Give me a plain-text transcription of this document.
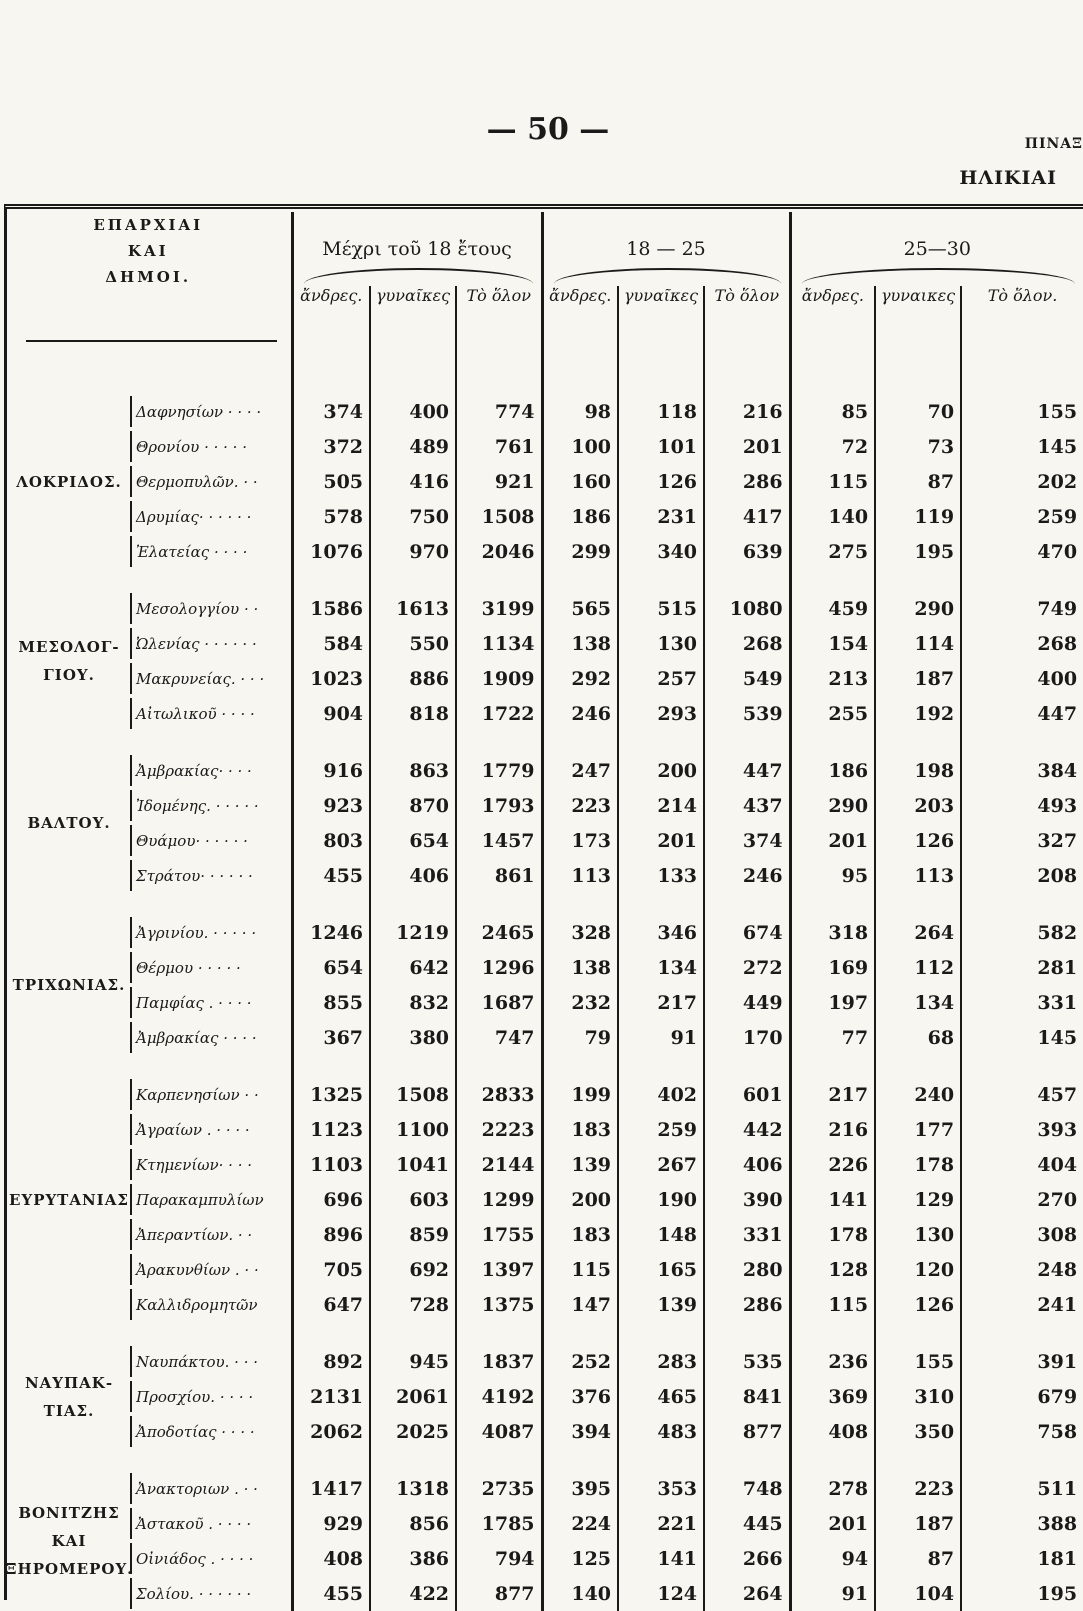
— 50 —	ΠΙΝΑΞ
ΗΛΙΚΙΑΙ
ΕΠΑΡΧΙΑΙ
ΚΑΙ
ΔΗΜΟΙ.		Μέχρι τοῦ 18 ἔτους			18 — 25			25—30		

		ἄνδρες.	γυναῖκες	Τὸ ὅλον	ἄνδρες.	γυναῖκες	Τὸ ὅλον	ἄνδρες.	γυναικες	Τὸ ὅλον.

ΛΟΚΡΙΔΟΣ.	Δαφνησίων · · · ·	374	400	774	98	118	216	85	70	155

Θρονίου · · · · ·	372	489	761	100	101	201	72	73	145

Θερμοπυλῶν. · ·	505	416	921	160	126	286	115	87	202

Δρυμίας· · · · · ·	578	750	1508	186	231	417	140	119	259

Ἐλατείας · · · ·	1076	970	2046	299	340	639	275	195	470

ΜΕΣΟΛΟΓ-
ΓΙΟΥ.	Μεσολογγίου · ·	1586	1613	3199	565	515	1080	459	290	749

Ὠλενίας · · · · · ·	584	550	1134	138	130	268	154	114	268

Μακρυνείας. · · ·	1023	886	1909	292	257	549	213	187	400

Αἰτωλικοῦ · · · ·	904	818	1722	246	293	539	255	192	447

ΒΑΛΤΟΥ.	Ἀμβρακίας· · · ·	916	863	1779	247	200	447	186	198	384

Ἰδομένης. · · · · ·	923	870	1793	223	214	437	290	203	493

Θυάμου· · · · · ·	803	654	1457	173	201	374	201	126	327

Στράτου· · · · · ·	455	406	861	113	133	246	95	113	208

ΤΡΙΧΩΝΙΑΣ.	Ἀγρινίου. · · · · ·	1246	1219	2465	328	346	674	318	264	582

Θέρμου · · · · ·	654	642	1296	138	134	272	169	112	281

Παμφίας . · · · ·	855	832	1687	232	217	449	197	134	331

Ἀμβρακίας · · · ·	367	380	747	79	91	170	77	68	145

ΕΥΡΥΤΑΝΙΑΣ	Καρπενησίων · ·	1325	1508	2833	199	402	601	217	240	457

Ἀγραίων . · · · ·	1123	1100	2223	183	259	442	216	177	393

Κτημενίων· · · ·	1103	1041	2144	139	267	406	226	178	404

Παρακαμπυλίων	696	603	1299	200	190	390	141	129	270

Ἀπεραντίων. · ·	896	859	1755	183	148	331	178	130	308

Ἀρακυνθίων . · ·	705	692	1397	115	165	280	128	120	248

Καλλιδρομητῶν	647	728	1375	147	139	286	115	126	241

ΝΑΥΠΑΚ-
ΤΙΑΣ.	Ναυπάκτου. · · ·	892	945	1837	252	283	535	236	155	391

Προσχίου. · · · ·	2131	2061	4192	376	465	841	369	310	679

Ἀποδοτίας · · · ·	2062	2025	4087	394	483	877	408	350	758

ΒΟΝΙΤΖΗΣ
ΚΑΙ
ΞΗΡΟΜΕΡΟΥ.	Ἀνακτοριων . · ·	1417	1318	2735	395	353	748	278	223	511

Ἀστακοῦ . · · · ·	929	856	1785	224	221	445	201	187	388

Οἰνιάδος . · · · ·	408	386	794	125	141	266	94	87	181

Σολίου. · · · · · ·	455	422	877	140	124	264	91	104	195
